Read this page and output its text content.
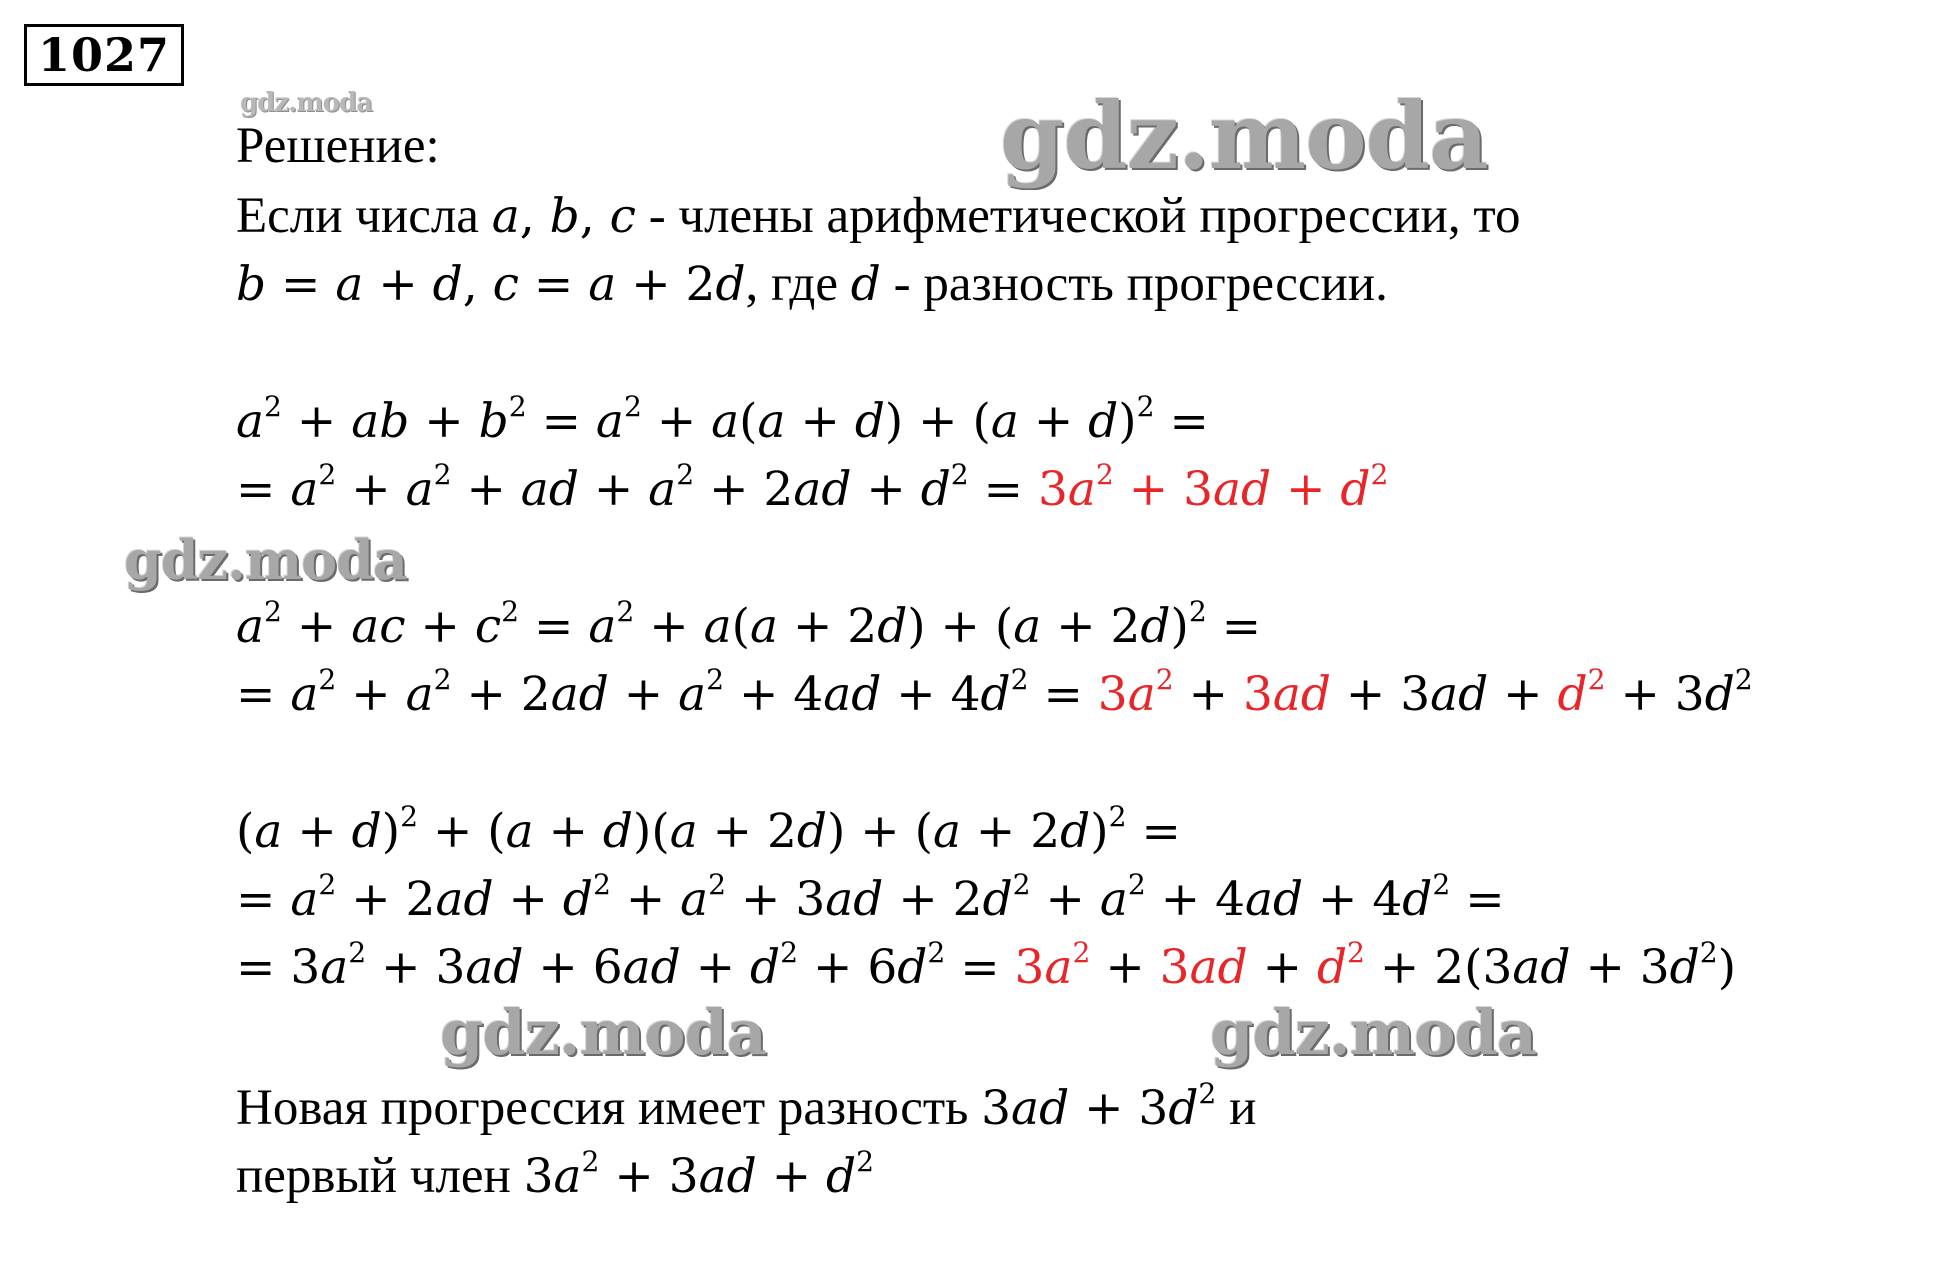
1027
gdz.moda	gdz.moda
gdz.moda
gdz.moda	gdz.moda
Решение:
Если числа a, b, c - члены арифметической прогрессии, то
b = a + d, c = a + 2d, где d - разность прогрессии.
$a^2$ + ab + $b^2 = a^2 + a(a + d) + (a + d)^2$ =
= $a^2 + a^2$ + ad + $a^2 + 2ad + d^2 = 3a^2 + 3ad + d^2$
$a^2$ + ac + $c^2 = a^2 + a(a + 2d) + (a + 2d)^2$ =
= $a^2 + a^2 + 2ad + a^2 + 4ad + 4d^2 = 3a^2 + 3ad + 3ad + d^2 + 3d^2$
$(a + d)^2 + (a + d)(a + 2d) + (a + 2d)^2$ =
= $a^2 + 2ad + d^2 + a^2 + 3ad + 2d^2 + a^2 + 4ad + 4d^2$ =
= $3a^2 + 3ad + 6ad + d^2 + 6d^2 = 3a^2 + 3ad + d^2 + 2(3ad + 3d^2)$
Новая прогрессия имеет разность $3ad + 3d^2$ и
первый член $3a^2 + 3ad + d^2$
